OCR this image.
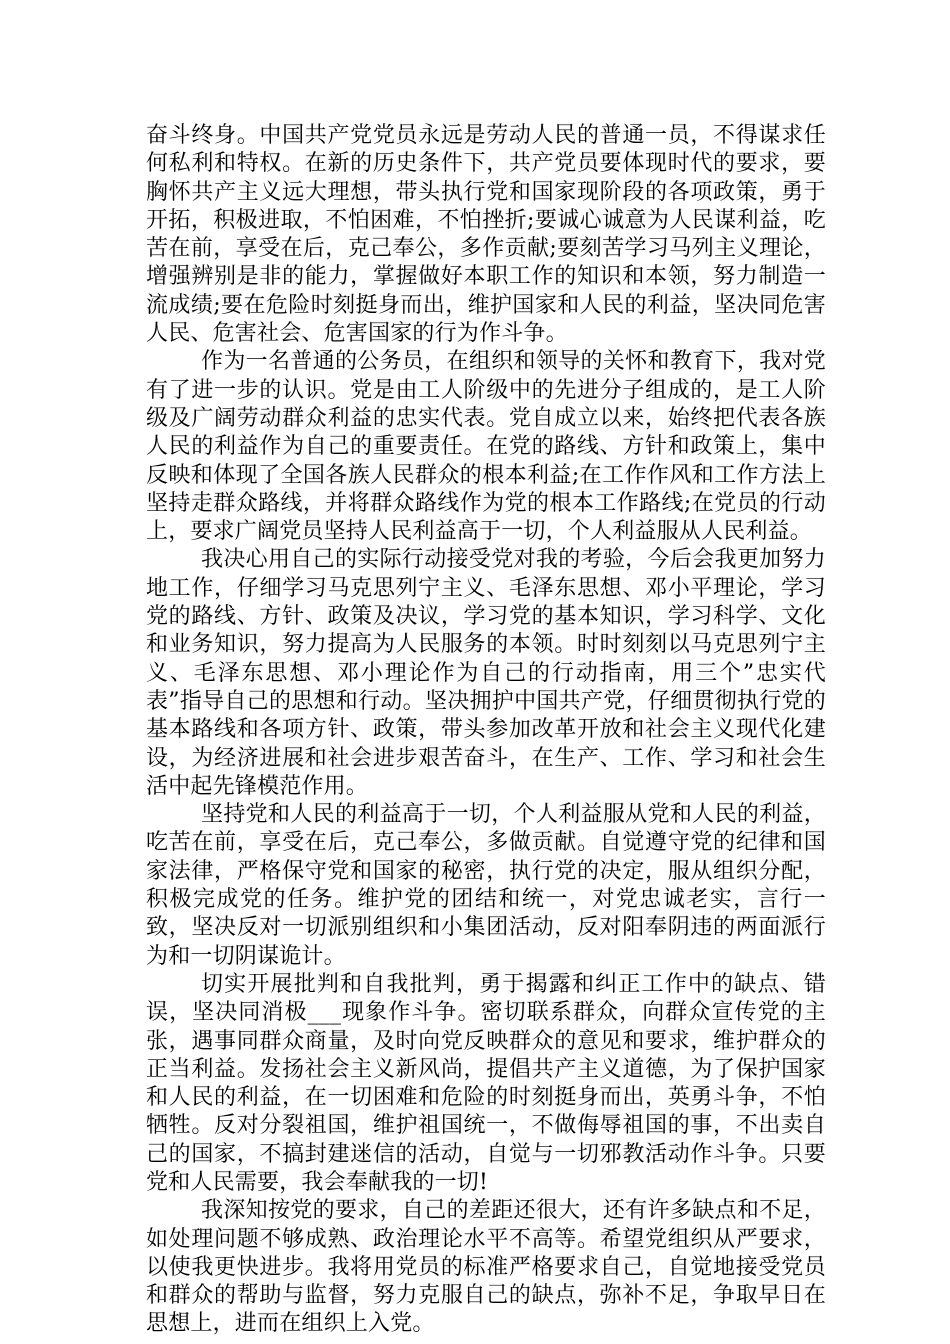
奋斗终身。中国共产党党员永远是劳动人民的普通一员，不得谋求任何私利和特权。在新的历史条件下，共产党员要体现时代的要求，要胸怀共产主义远大理想，带头执行党和国家现阶段的各项政策，勇于开拓，积极进取，不怕困难，不怕挫折;要诚心诚意为人民谋利益，吃苦在前，享受在后，克己奉公，多作贡献;要刻苦学习马列主义理论，增强辨别是非的能力，掌握做好本职工作的知识和本领，努力制造一流成绩;要在危险时刻挺身而出，维护国家和人民的利益，坚决同危害人民、危害社会、危害国家的行为作斗争。

作为一名普通的公务员，在组织和领导的关怀和教育下，我对党有了进一步的认识。党是由工人阶级中的先进分子组成的，是工人阶级及广阔劳动群众利益的忠实代表。党自成立以来，始终把代表各族人民的利益作为自己的重要责任。在党的路线、方针和政策上，集中反映和体现了全国各族人民群众的根本利益;在工作作风和工作方法上坚持走群众路线，并将群众路线作为党的根本工作路线;在党员的行动上，要求广阔党员坚持人民利益高于一切，个人利益服从人民利益。

我决心用自己的实际行动接受党对我的考验，今后会我更加努力地工作，仔细学习马克思列宁主义、毛泽东思想、邓小平理论，学习党的路线、方针、政策及决议，学习党的基本知识，学习科学、文化和业务知识，努力提高为人民服务的本领。时时刻刻以马克思列宁主义、毛泽东思想、邓小理论作为自己的行动指南，用三个”忠实代表”指导自己的思想和行动。坚决拥护中国共产党，仔细贯彻执行党的基本路线和各项方针、政策，带头参加改革开放和社会主义现代化建设，为经济进展和社会进步艰苦奋斗，在生产、工作、学习和社会生活中起先锋模范作用。

坚持党和人民的利益高于一切，个人利益服从党和人民的利益，吃苦在前，享受在后，克己奉公，多做贡献。自觉遵守党的纪律和国家法律，严格保守党和国家的秘密，执行党的决定，服从组织分配，积极完成党的任务。维护党的团结和统一，对党忠诚老实，言行一致，坚决反对一切派别组织和小集团活动，反对阳奉阴违的两面派行为和一切阴谋诡计。

切实开展批判和自我批判，勇于揭露和纠正工作中的缺点、错误，坚决同消极___现象作斗争。密切联系群众，向群众宣传党的主张，遇事同群众商量，及时向党反映群众的意见和要求，维护群众的正当利益。发扬社会主义新风尚，提倡共产主义道德，为了保护国家和人民的利益，在一切困难和危险的时刻挺身而出，英勇斗争，不怕牺牲。反对分裂祖国，维护祖国统一，不做侮辱祖国的事，不出卖自己的国家，不搞封建迷信的活动，自觉与一切邪教活动作斗争。只要党和人民需要，我会奉献我的一切!

我深知按党的要求，自己的差距还很大，还有许多缺点和不足，如处理问题不够成熟、政治理论水平不高等。希望党组织从严要求，以使我更快进步。我将用党员的标准严格要求自己，自觉地接受党员和群众的帮助与监督，努力克服自己的缺点，弥补不足，争取早日在思想上，进而在组织上入党。
